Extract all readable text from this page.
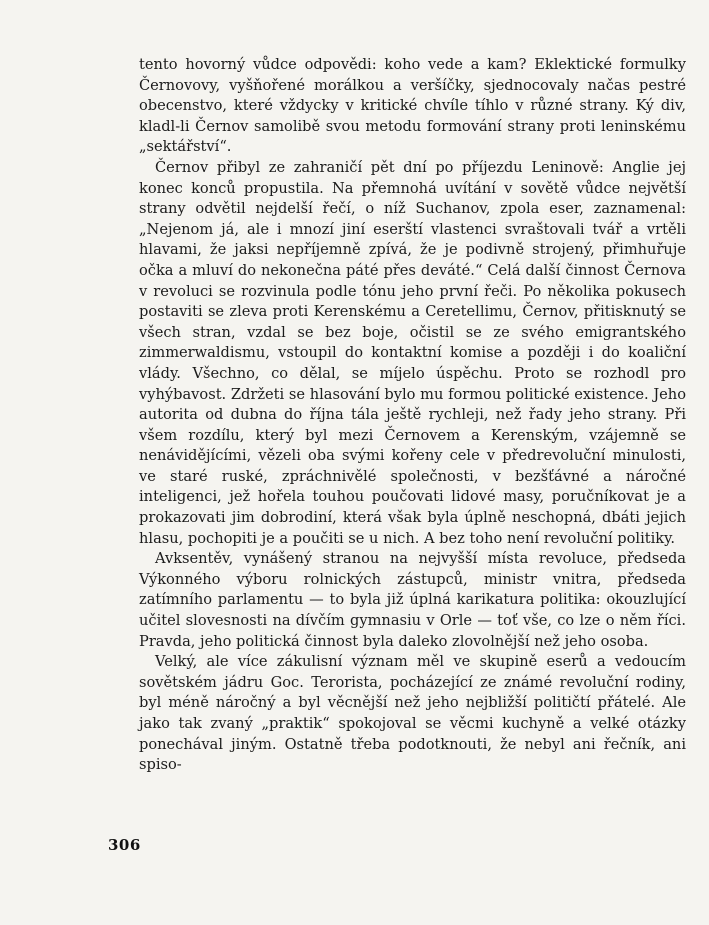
tento hovorný vůdce odpovědi: koho vede a kam? Eklektické formulky Černovovy, vyšňořené morálkou a veršíčky, sjednocovaly načas pestré obecenstvo, které vždycky v kritické chvíle tíhlo v různé strany. Ký div, kladl-li Černov samolibě svou metodu formování strany proti leninskému „sektářství“.

Černov přibyl ze zahraničí pět dní po příjezdu Leninově: Anglie jej konec konců propustila. Na přemnohá uvítání v sovětě vůdce největší strany odvětil nejdelší řečí, o níž Suchanov, zpola eser, zaznamenal: „Nejenom já, ale i mnozí jiní eserští vlastenci svraštovali tvář a vrtěli hlavami, že jaksi nepříjemně zpívá, že je podivně strojený, přimhuřuje očka a mluví do nekonečna páté přes deváté.“ Celá další činnost Černova v revoluci se rozvinula podle tónu jeho první řeči. Po několika pokusech postaviti se zleva proti Kerenskému a Ceretellimu, Černov, přitisknutý se všech stran, vzdal se bez boje, očistil se ze svého emigrantského zimmerwaldismu, vstoupil do kontaktní komise a později i do koaliční vlády. Všechno, co dělal, se míjelo úspěchu. Proto se rozhodl pro vyhýbavost. Zdržeti se hlasování bylo mu formou politické existence. Jeho autorita od dubna do října tála ještě rychleji, než řady jeho strany. Při všem rozdílu, který byl mezi Černovem a Kerenským, vzájemně se nenávidějícími, vězeli oba svými kořeny cele v předrevoluční minulosti, ve staré ruské, zpráchnivělé společnosti, v bezšťávné a náročné inteligenci, jež hořela touhou poučovati lidové masy, poručníkovat je a prokazovati jim dobrodiní, která však byla úplně neschopná, dbáti jejich hlasu, pochopiti je a poučiti se u nich. A bez toho není revoluční politiky.

Avksentěv, vynášený stranou na nejvyšší místa revoluce, předseda Výkonného výboru rolnických zástupců, ministr vnitra, předseda zatímního parlamentu — to byla již úplná karikatura politika: okouzlující učitel slovesnosti na dívčím gymnasiu v Orle — toť vše, co lze o něm říci. Pravda, jeho politická činnost byla daleko zlovolnější než jeho osoba.

Velký, ale více zákulisní význam měl ve skupině eserů a vedoucím sovětském jádru Goc. Terorista, pocházející ze známé revoluční rodiny, byl méně náročný a byl věcnější než jeho nejbližší političtí přátelé. Ale jako tak zvaný „praktik“ spokojoval se věcmi kuchyně a velké otázky ponechával jiným. Ostatně třeba podotknouti, že nebyl ani řečník, ani spiso-

306
